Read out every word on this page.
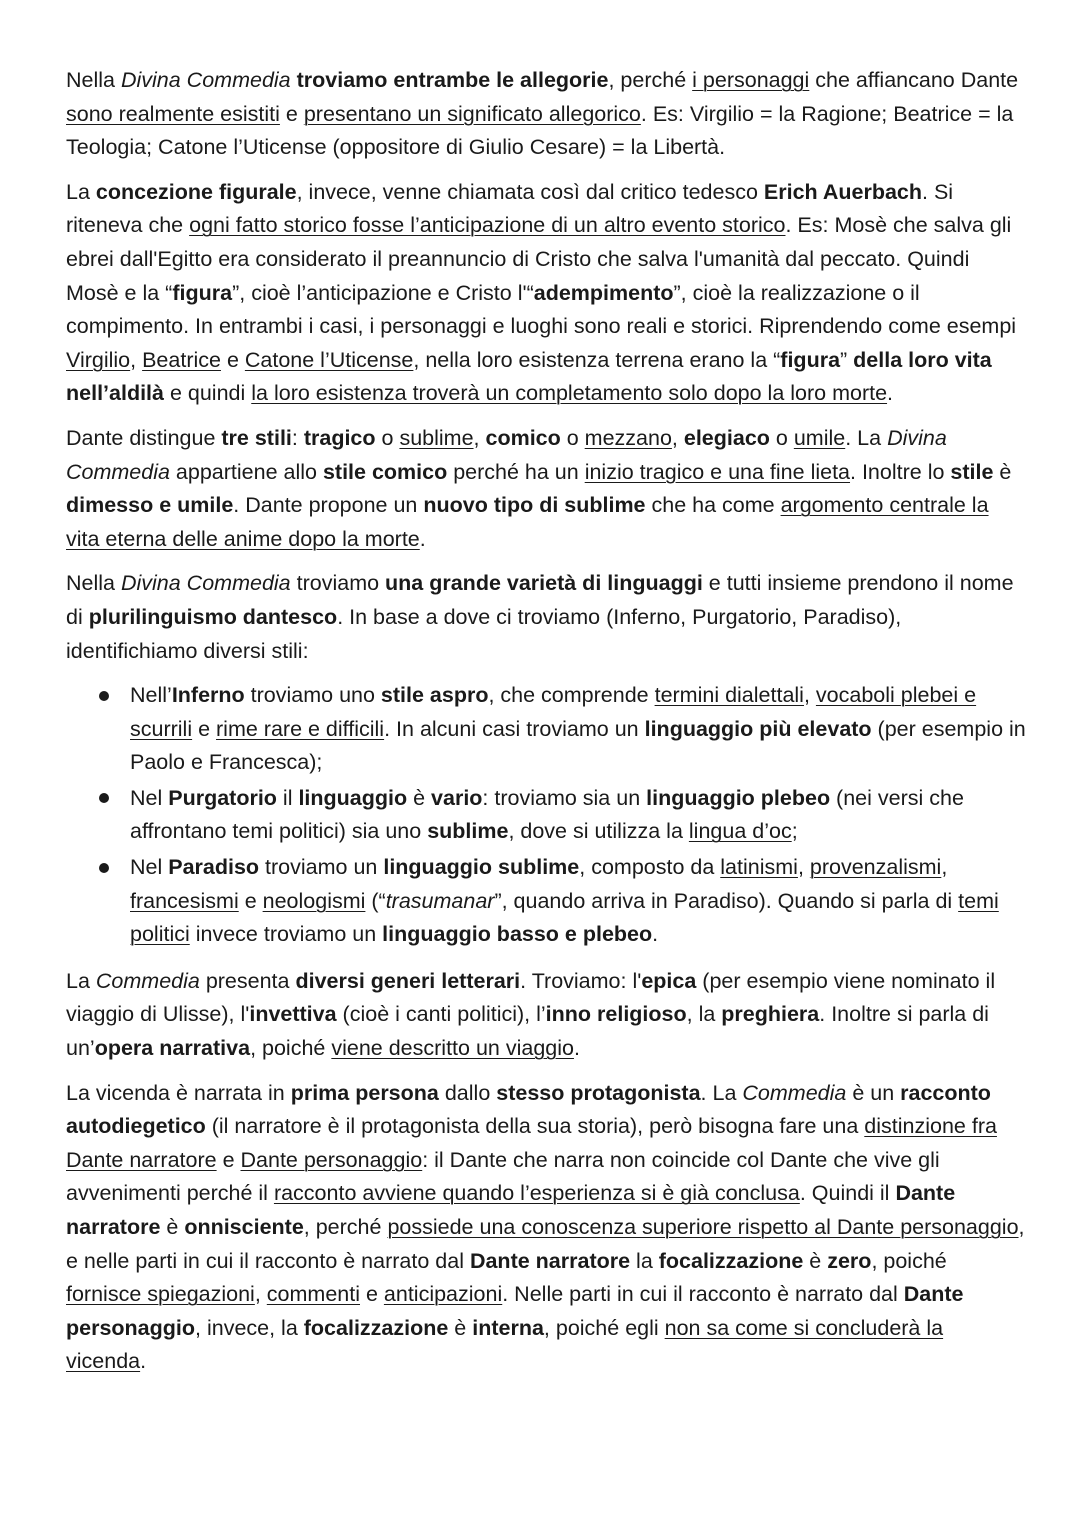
Nella Divina Commedia troviamo entrambe le allegorie, perché i personaggi che affiancano Dante sono realmente esistiti e presentano un significato allegorico. Es: Virgilio = la Ragione; Beatrice = la Teologia; Catone l’Uticense (oppositore di Giulio Cesare) = la Libertà.

La concezione figurale, invece, venne chiamata così dal critico tedesco Erich Auerbach. Si riteneva che ogni fatto storico fosse l’anticipazione di un altro evento storico. Es: Mosè che salva gli ebrei dall'Egitto era considerato il preannuncio di Cristo che salva l'umanità dal peccato. Quindi Mosè e la “figura”, cioè l’anticipazione e Cristo l'“adempimento”, cioè la realizzazione o il compimento. In entrambi i casi, i personaggi e luoghi sono reali e storici. Riprendendo come esempi Virgilio, Beatrice e Catone l’Uticense, nella loro esistenza terrena erano la “figura” della loro vita nell’aldilà e quindi la loro esistenza troverà un completamento solo dopo la loro morte.

Dante distingue tre stili: tragico o sublime, comico o mezzano, elegiaco o umile. La Divina Commedia appartiene allo stile comico perché ha un inizio tragico e una fine lieta. Inoltre lo stile è dimesso e umile. Dante propone un nuovo tipo di sublime che ha come argomento centrale la vita eterna delle anime dopo la morte.

Nella Divina Commedia troviamo una grande varietà di linguaggi e tutti insieme prendono il nome di plurilinguismo dantesco. In base a dove ci troviamo (Inferno, Purgatorio, Paradiso), identifichiamo diversi stili:

Nell’Inferno troviamo uno stile aspro, che comprende termini dialettali, vocaboli plebei e scurrili e rime rare e difficili. In alcuni casi troviamo un linguaggio più elevato (per esempio in Paolo e Francesca);
Nel Purgatorio il linguaggio è vario: troviamo sia un linguaggio plebeo (nei versi che affrontano temi politici) sia uno sublime, dove si utilizza la lingua d’oc;
Nel Paradiso troviamo un linguaggio sublime, composto da latinismi, provenzalismi, francesismi e neologismi (“trasumanar”, quando arriva in Paradiso). Quando si parla di temi politici invece troviamo un linguaggio basso e plebeo.

La Commedia presenta diversi generi letterari. Troviamo: l'epica (per esempio viene nominato il viaggio di Ulisse), l'invettiva (cioè i canti politici), l’inno religioso, la preghiera. Inoltre si parla di un’opera narrativa, poiché viene descritto un viaggio.

La vicenda è narrata in prima persona dallo stesso protagonista. La Commedia è un racconto autodiegetico (il narratore è il protagonista della sua storia), però bisogna fare una distinzione fra Dante narratore e Dante personaggio: il Dante che narra non coincide col Dante che vive gli avvenimenti perché il racconto avviene quando l’esperienza si è già conclusa. Quindi il Dante narratore è onnisciente, perché possiede una conoscenza superiore rispetto al Dante personaggio, e nelle parti in cui il racconto è narrato dal Dante narratore la focalizzazione è zero, poiché fornisce spiegazioni, commenti e anticipazioni. Nelle parti in cui il racconto è narrato dal Dante personaggio, invece, la focalizzazione è interna, poiché egli non sa come si concluderà la vicenda.
